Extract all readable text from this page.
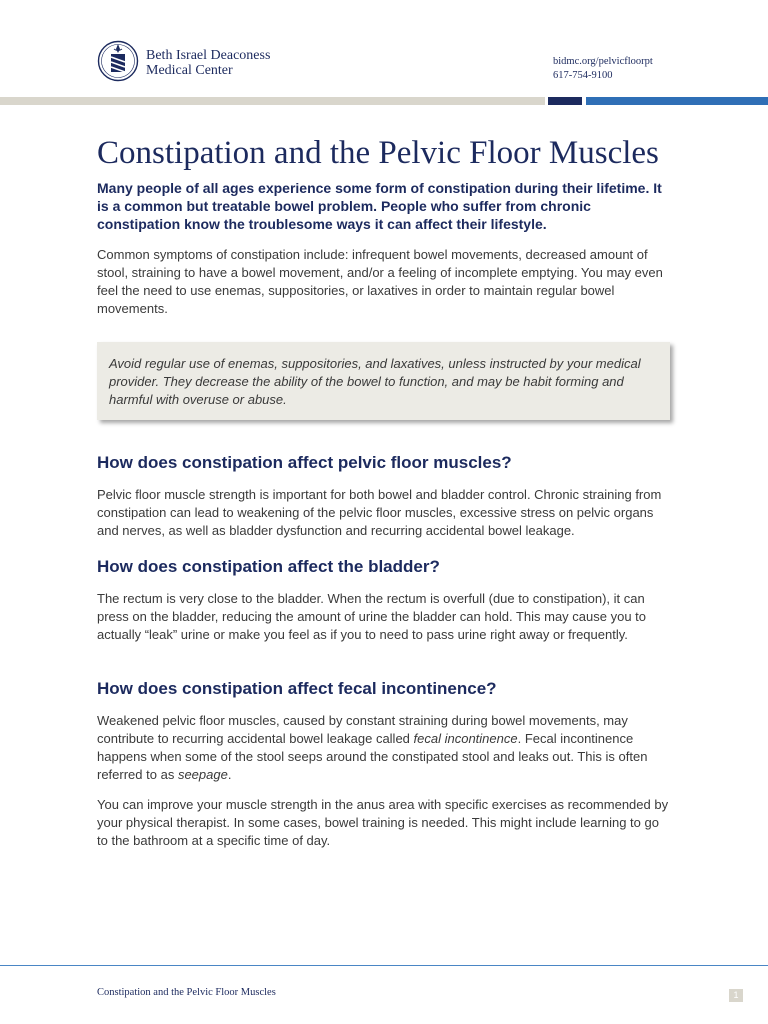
Beth Israel Deaconess
Medical Center
bidmc.org/pelvicfloorpt
617-754-9100
Constipation and the Pelvic Floor Muscles
Many people of all ages experience some form of constipation during their lifetime. It is a common but treatable bowel problem. People who suffer from chronic constipation know the troublesome ways it can affect their lifestyle.
Common symptoms of constipation include: infrequent bowel movements, decreased amount of stool, straining to have a bowel movement, and/or a feeling of incomplete emptying. You may even feel the need to use enemas, suppositories, or laxatives in order to maintain regular bowel movements.
Avoid regular use of enemas, suppositories, and laxatives, unless instructed by your medical provider. They decrease the ability of the bowel to function, and may be habit forming and harmful with overuse or abuse.
How does constipation affect pelvic floor muscles?
Pelvic floor muscle strength is important for both bowel and bladder control. Chronic straining from constipation can lead to weakening of the pelvic floor muscles, excessive stress on pelvic organs and nerves, as well as bladder dysfunction and recurring accidental bowel leakage.
How does constipation affect the bladder?
The rectum is very close to the bladder. When the rectum is overfull (due to constipation), it can press on the bladder, reducing the amount of urine the bladder can hold. This may cause you to actually “leak” urine or make you feel as if you to need to pass urine right away or frequently.
How does constipation affect fecal incontinence?
Weakened pelvic floor muscles, caused by constant straining during bowel movements, may contribute to recurring accidental bowel leakage called fecal incontinence. Fecal incontinence happens when some of the stool seeps around the constipated stool and leaks out. This is often referred to as seepage.
You can improve your muscle strength in the anus area with specific exercises as recommended by your physical therapist. In some cases, bowel training is needed. This might include learning to go to the bathroom at a specific time of day.
Constipation and the Pelvic Floor Muscles	1
